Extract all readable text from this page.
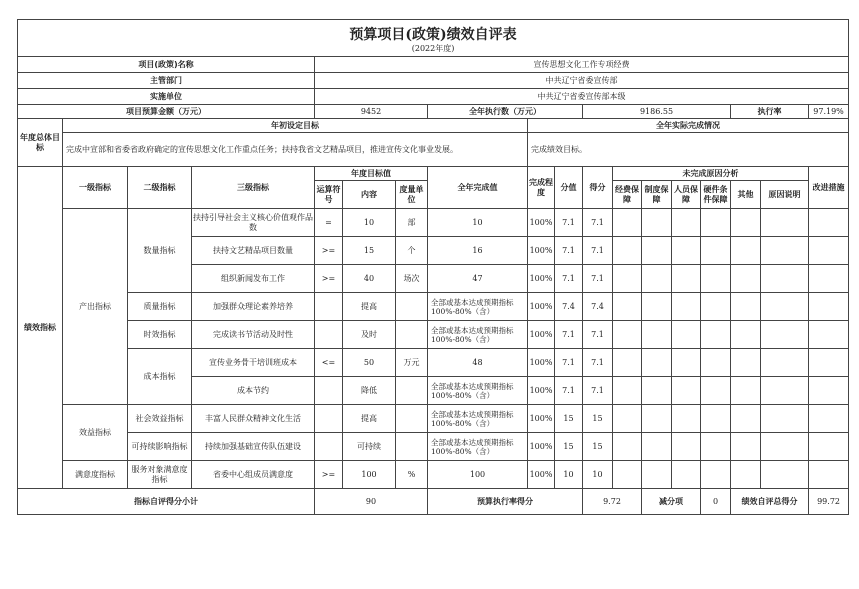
预算项目(政策)绩效自评表																	
(2022年度)																	
项目(政策)名称				宣传思想文化工作专项经费													
主管部门				中共辽宁省委宣传部													
实施单位				中共辽宁省委宣传部本级													
项目预算金额（万元）				9452			全年执行数（万元）			9186.55					执行率		97.19%
年度总体目标	年初设定目标							全年实际完成情况									
	完成中宣部和省委省政府确定的宣传思想文化工作重点任务；扶持我省文艺精品项目，推进宣传文化事业发展。							完成绩效目标。									
绩效指标	一级指标	二级指标	三级指标	年度目标值			全年完成值	完成程度	分值	得分	未完成原因分析						改进措施
				运算符号	内容	度量单位					经费保障	制度保障	人员保障	硬件条件保障	其他	原因说明	

	产出指标	数量指标	扶持引导社会主义核心价值观作品数	=	10	部	10	100%	7.1	7.1							
			扶持文艺精品项目数量	>=	15	个	16	100%	7.1	7.1							
			组织新闻发布工作	>=	40	场次	47	100%	7.1	7.1							
		质量指标	加强群众理论素养培养		提高		全部或基本达成预期指标100%-80%（含）	100%	7.4	7.4							
		时效指标	完成读书节活动及时性		及时		全部或基本达成预期指标100%-80%（含）	100%	7.1	7.1							
		成本指标	宣传业务骨干培训班成本	<=	50	万元	48	100%	7.1	7.1							
			成本节约		降低		全部或基本达成预期指标100%-80%（含）	100%	7.1	7.1							
	效益指标	社会效益指标	丰富人民群众精神文化生活		提高		全部或基本达成预期指标100%-80%（含）	100%	15	15							
		可持续影响指标	持续加强基础宣传队伍建设		可持续		全部或基本达成预期指标100%-80%（含）	100%	15	15							
	满意度指标	服务对象满意度指标	省委中心组成员满意度	>=	100	%	100	100%	10	10							
指标自评得分小计				90			预算执行率得分			9.72		减分项		0	绩效自评总得分		99.72
